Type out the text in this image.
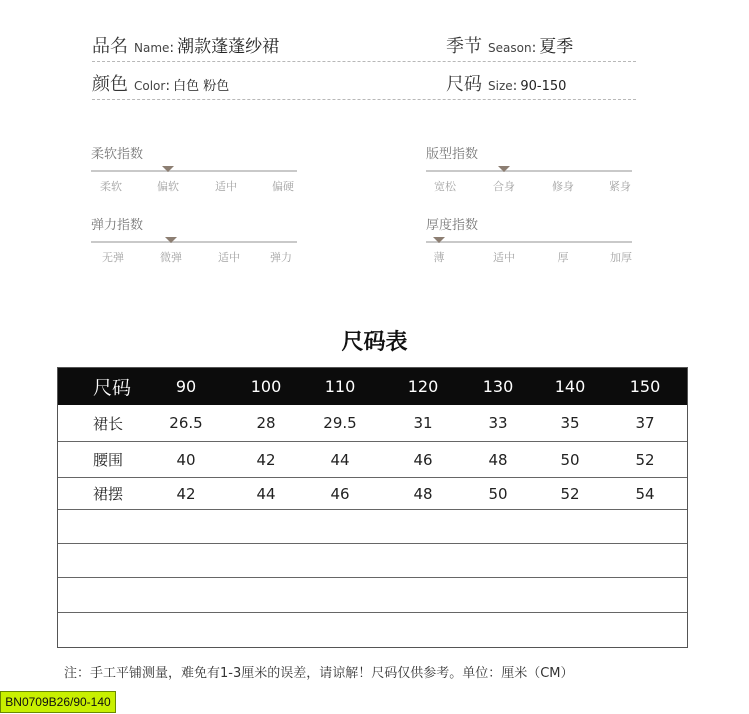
品名 Name : 潮款蓬蓬纱裙	季节 Season : 夏季
颜色 Color : 白色 粉色	尺码 Size : 90-150
柔软指数
柔软	偏软	适中	偏硬
版型指数
宽松	合身	修身	紧身
弹力指数
无弹	微弹	适中	弹力
厚度指数
薄	适中	厚	加厚
尺码表
尺码	90	100	110	120	130	140	150
裙长	26.5	28	29.5	31	33	35	37
腰围	40	42	44	46	48	50	52
裙摆	42	44	46	48	50	52	54
注：手工平铺测量，难免有1-3厘米的误差，请谅解！尺码仅供参考。单位：厘米（CM）
BN0709B26/90-140
